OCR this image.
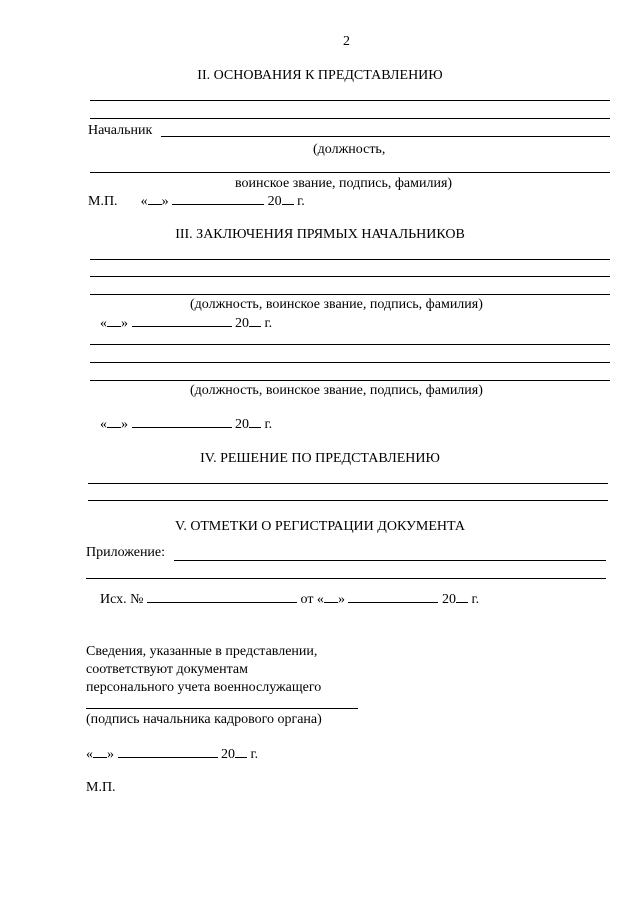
2
II. ОСНОВАНИЯ К ПРЕДСТАВЛЕНИЮ
Начальник
(должность,
воинское звание, подпись, фамилия)
М.П. « »	20 г.
III. ЗАКЛЮЧЕНИЯ ПРЯМЫХ НАЧАЛЬНИКОВ
(должность, воинское звание, подпись, фамилия)
« »	20 г.
(должность, воинское звание, подпись, фамилия)
« »	20 г.
IV. РЕШЕНИЕ ПО ПРЕДСТАВЛЕНИЮ
V. ОТМЕТКИ О РЕГИСТРАЦИИ ДОКУМЕНТА
Приложение:
Исх. №	от « »	20 г.
Сведения, указанные в представлении,
соответствуют документам
персонального учета военнослужащего
(подпись начальника кадрового органа)
« »	20 г.
М.П.
